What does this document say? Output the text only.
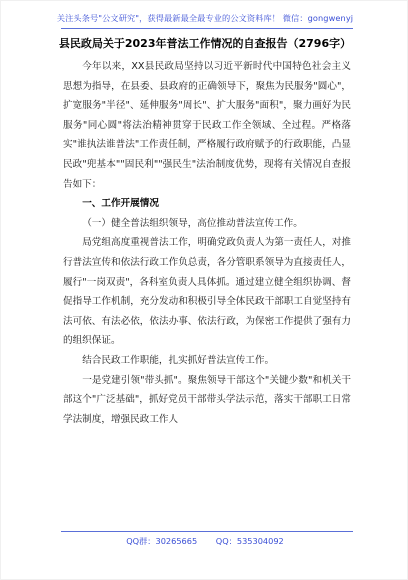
关注头条号"公文研究"，获得最新最全最专业的公文资料库！ 微信：gongwenyj
县民政局关于2023年普法工作情况的自查报告（2796字）

今年以来，XX县民政局坚持以习近平新时代中国特色社会主义思想为指导，在县委、县政府的正确领导下，聚焦为民服务"圆心"，扩宽服务"半径"、延伸服务"周长"、扩大服务"面积"，聚力画好为民服务"同心圆"将法治精神贯穿于民政工作全领域、全过程。严格落实"谁执法谁普法"工作责任制，严格履行政府赋予的行政职能，凸显民政"兜基本""固民利""强民生"法治制度优势，现将有关情况自查报告如下：

一、工作开展情况

（一）健全普法组织领导，高位推动普法宣传工作。

局党组高度重视普法工作，明确党政负责人为第一责任人，对推行普法宣传和依法行政工作负总责，各分管职系领导为直接责任人，履行"一岗双责"，各科室负责人具体抓。通过建立健全组织协调、督促指导工作机制，充分发动和积极引导全体民政干部职工自觉坚持有法可依、有法必依，依法办事、依法行政，为保密工作提供了强有力的组织保证。

结合民政工作职能，扎实抓好普法宣传工作。

一是党建引领"带头抓"。聚焦领导干部这个"关键少数"和机关干部这个"广泛基础"，抓好党员干部带头学法示范，落实干部职工日常学法制度，增强民政工作人

QQ群：30265665 QQ：535304092
